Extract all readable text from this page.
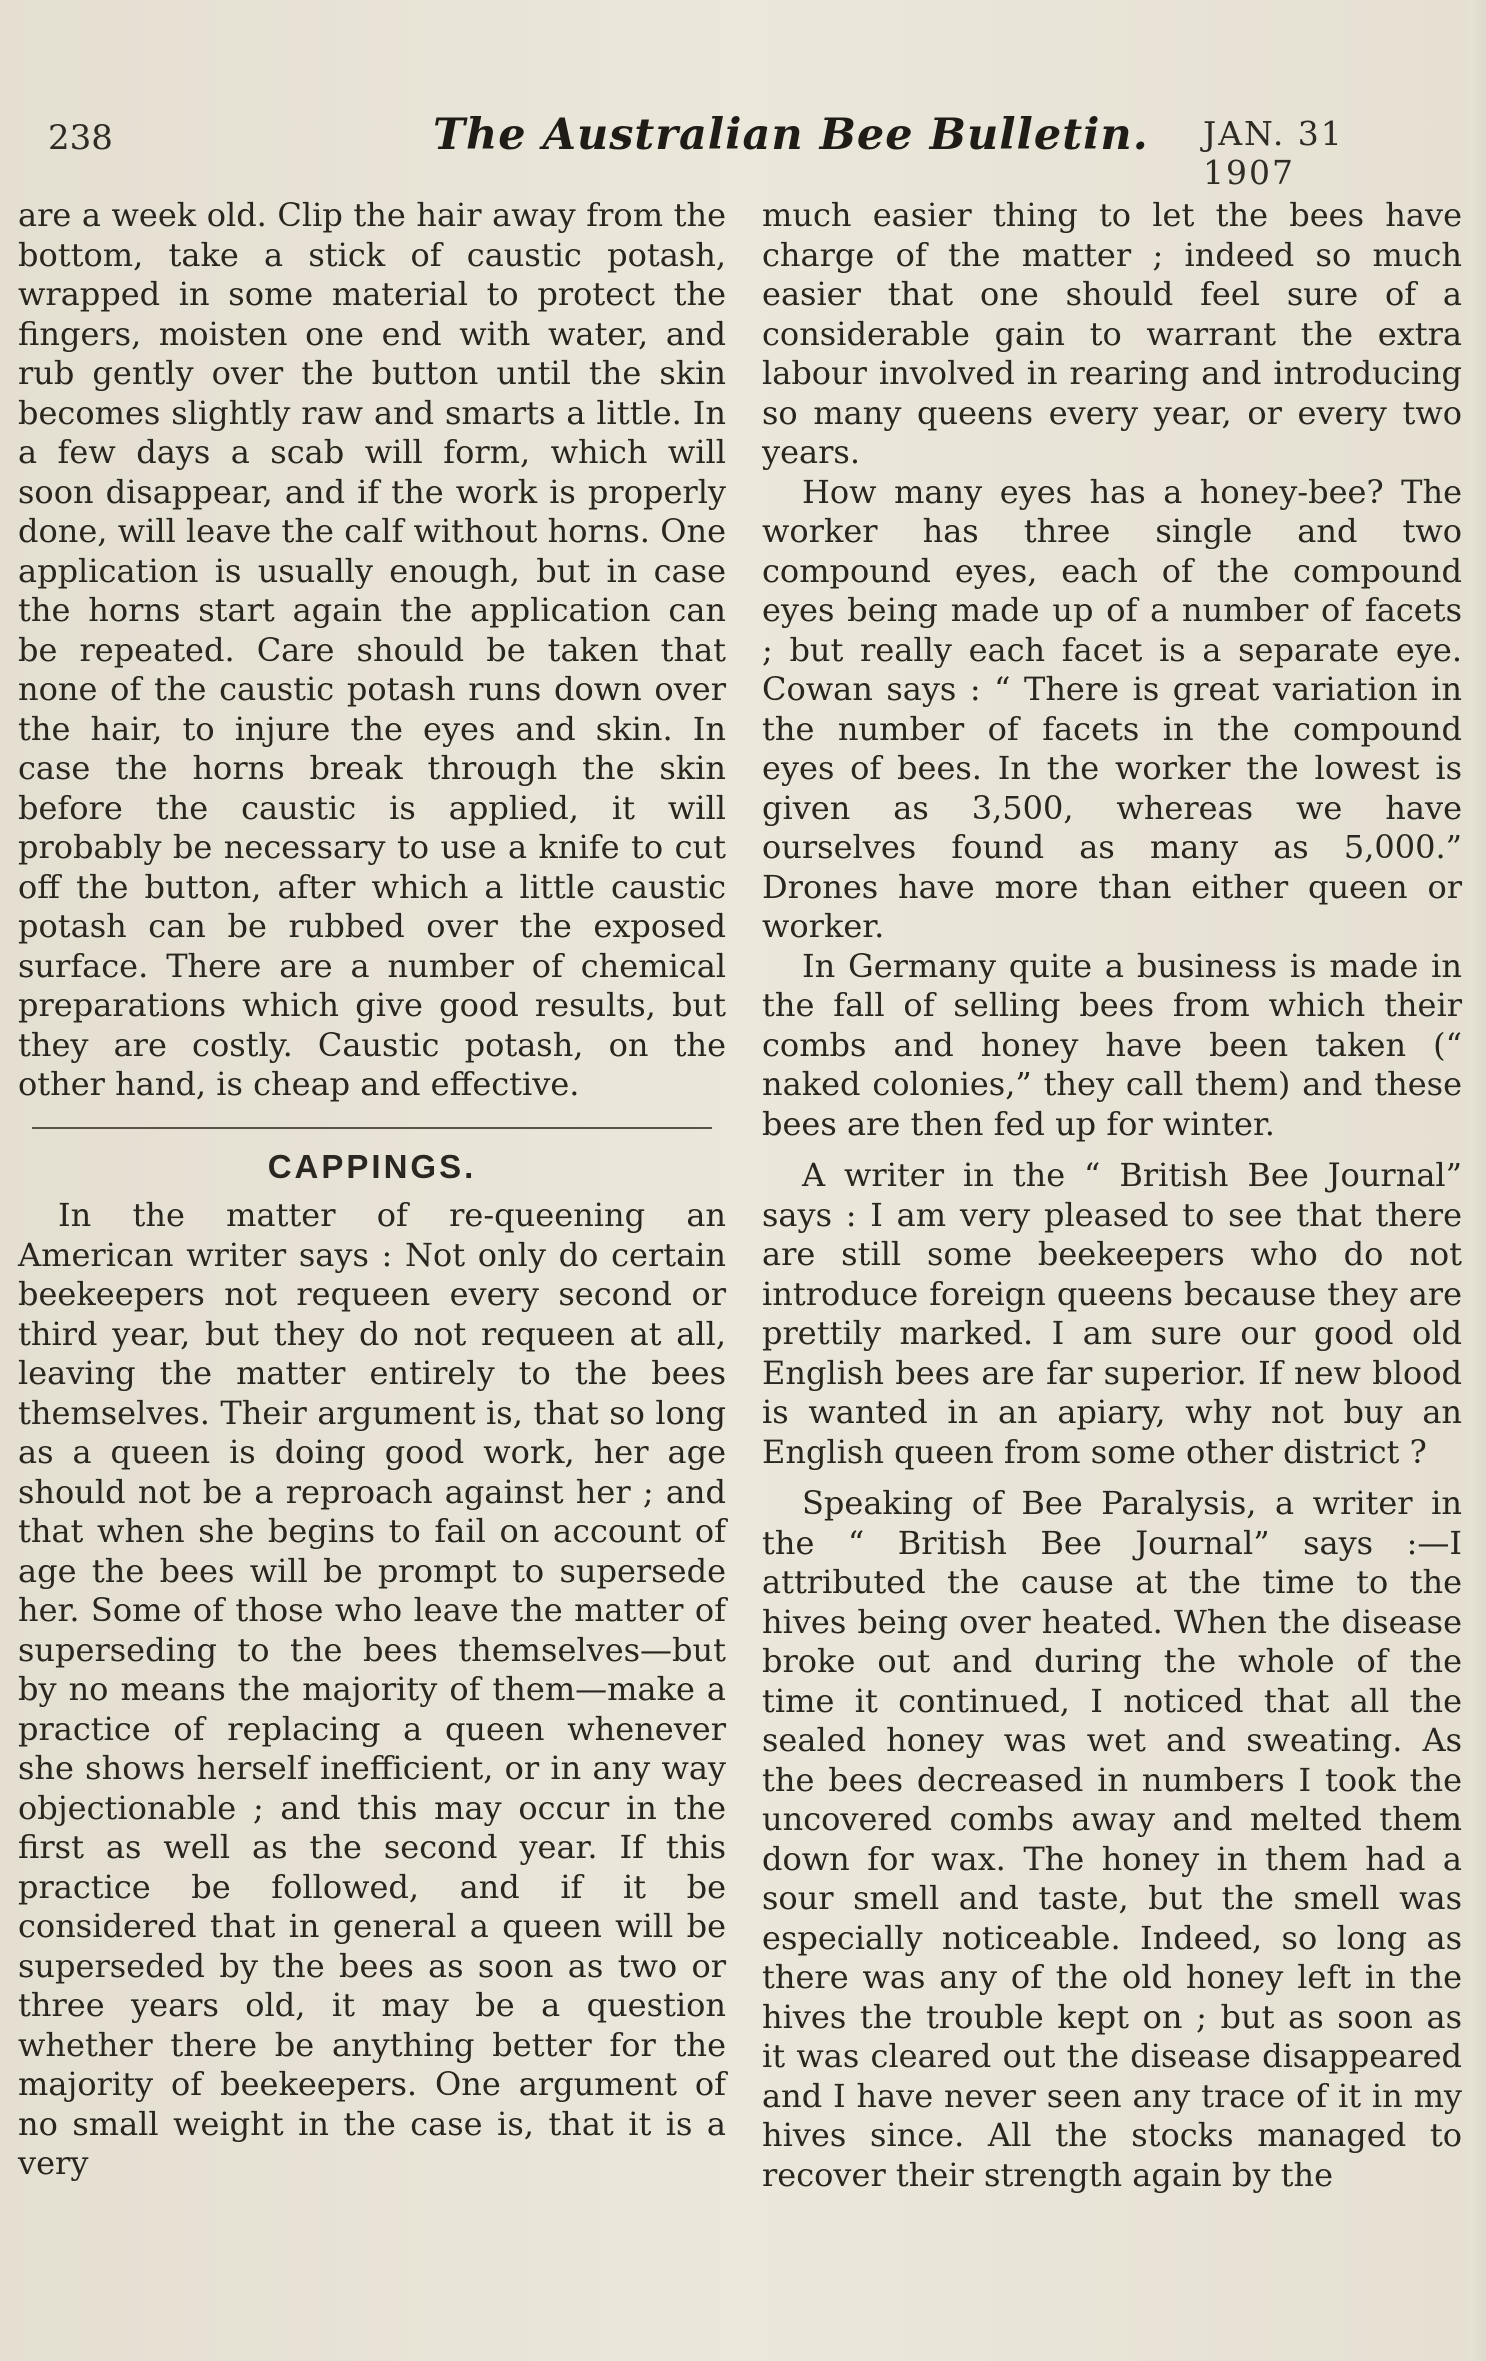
238	The Australian Bee Bulletin. JAN. 31 1907

are a week old. Clip the hair away from the bottom, take a stick of caustic potash, wrapped in some material to protect the fingers, moisten one end with water, and rub gently over the button until the skin becomes slightly raw and smarts a little. In a few days a scab will form, which will soon disappear, and if the work is properly done, will leave the calf without horns. One application is usually enough, but in case the horns start again the application can be repeated. Care should be taken that none of the caustic potash runs down over the hair, to injure the eyes and skin. In case the horns break through the skin before the caustic is applied, it will probably be necessary to use a knife to cut off the button, after which a little caustic potash can be rubbed over the exposed surface. There are a number of chemical preparations which give good results, but they are costly. Caustic potash, on the other hand, is cheap and effective.

CAPPINGS.

In the matter of re-queening an American writer says : Not only do certain beekeepers not requeen every second or third year, but they do not requeen at all, leaving the matter entirely to the bees themselves. Their argument is, that so long as a queen is doing good work, her age should not be a reproach against her ; and that when she begins to fail on account of age the bees will be prompt to supersede her. Some of those who leave the matter of superseding to the bees themselves—but by no means the majority of them—make a practice of replacing a queen whenever she shows herself inefficient, or in any way objectionable ; and this may occur in the first as well as the second year. If this practice be followed, and if it be considered that in general a queen will be superseded by the bees as soon as two or three years old, it may be a question whether there be anything better for the majority of beekeepers. One argument of no small weight in the case is, that it is a very

much easier thing to let the bees have charge of the matter ; indeed so much easier that one should feel sure of a considerable gain to warrant the extra labour involved in rearing and introducing so many queens every year, or every two years.

How many eyes has a honey-bee? The worker has three single and two compound eyes, each of the compound eyes being made up of a number of facets ; but really each facet is a separate eye. Cowan says : “ There is great variation in the number of facets in the compound eyes of bees. In the worker the lowest is given as 3,500, whereas we have ourselves found as many as 5,000.” Drones have more than either queen or worker.

In Germany quite a business is made in the fall of selling bees from which their combs and honey have been taken (“ naked colonies,” they call them) and these bees are then fed up for winter.

A writer in the “ British Bee Journal” says : I am very pleased to see that there are still some beekeepers who do not introduce foreign queens because they are prettily marked. I am sure our good old English bees are far superior. If new blood is wanted in an apiary, why not buy an English queen from some other district ?

Speaking of Bee Paralysis, a writer in the “ British Bee Journal” says :—I attributed the cause at the time to the hives being over heated. When the disease broke out and during the whole of the time it continued, I noticed that all the sealed honey was wet and sweating. As the bees decreased in numbers I took the uncovered combs away and melted them down for wax. The honey in them had a sour smell and taste, but the smell was especially noticeable. Indeed, so long as there was any of the old honey left in the hives the trouble kept on ; but as soon as it was cleared out the disease disappeared and I have never seen any trace of it in my hives since. All the stocks managed to recover their strength again by the
